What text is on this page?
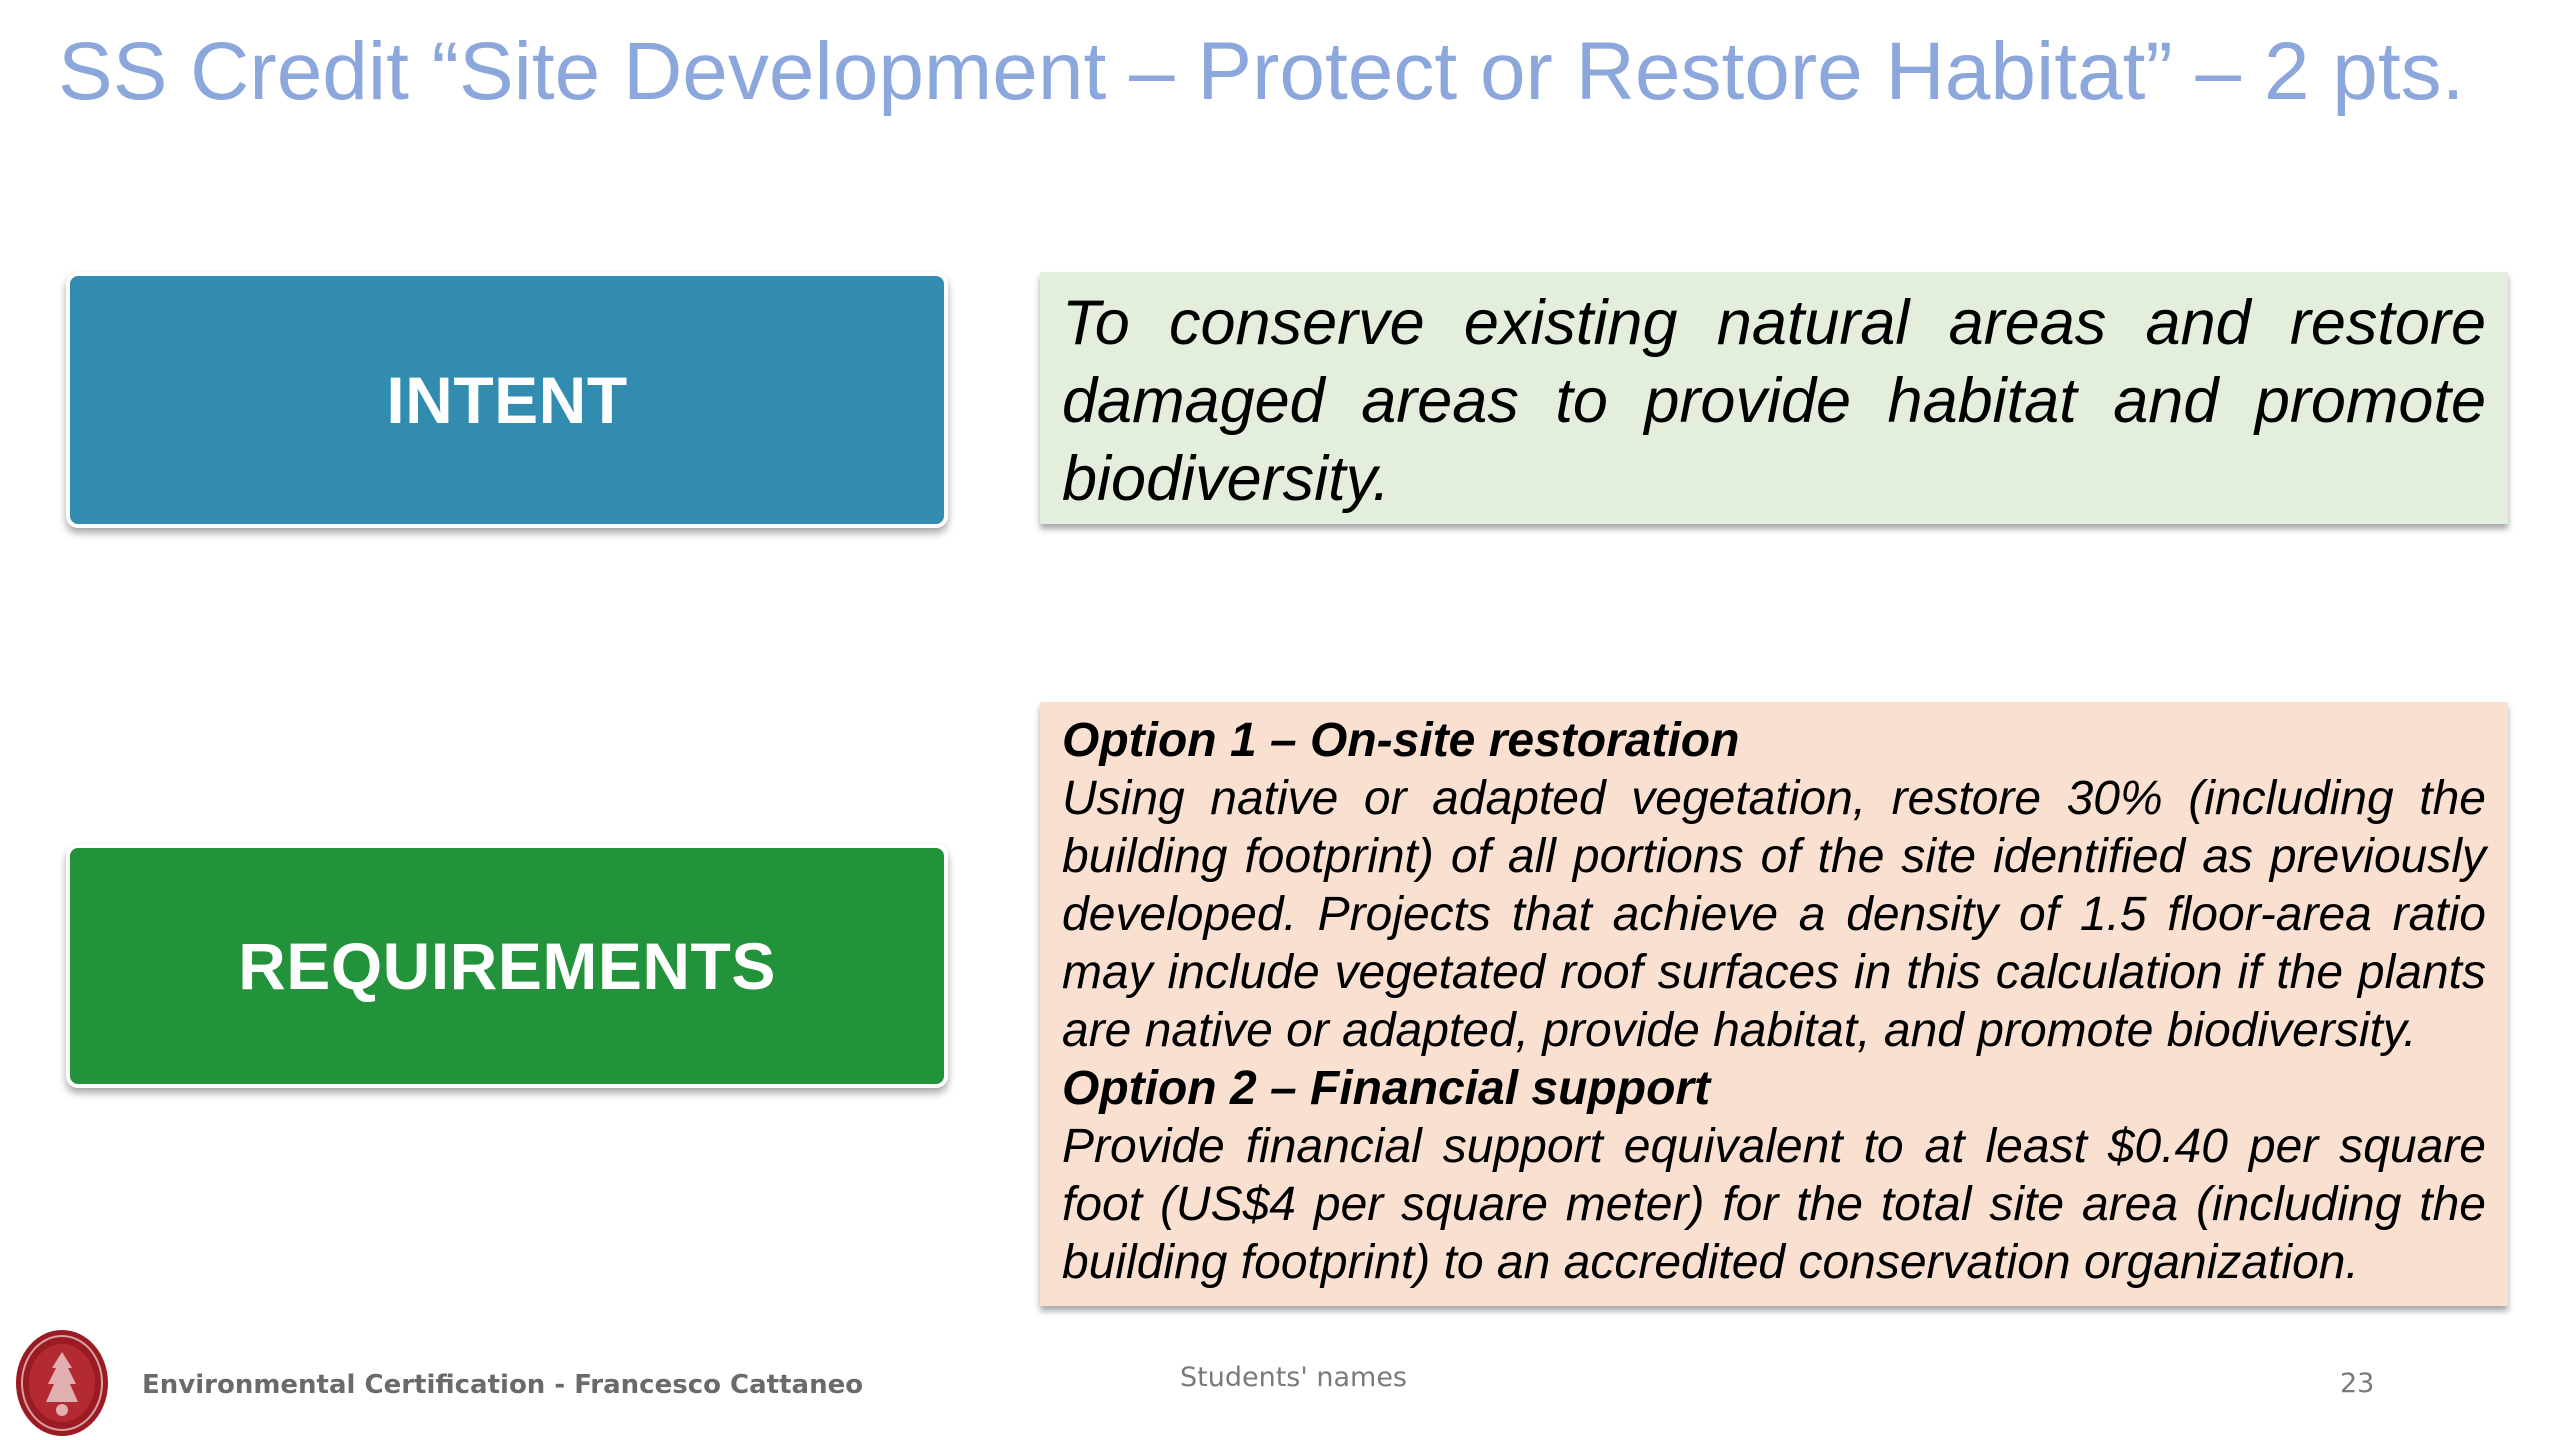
SS Credit “Site Development – Protect or Restore Habitat” – 2 pts.
INTENT
To conserve existing natural areas and restore damaged areas to provide habitat and promote biodiversity.
REQUIREMENTS
Option 1 – On-site restoration
Using native or adapted vegetation, restore 30% (including the building footprint) of all portions of the site identified as previously developed. Projects that achieve a density of 1.5 floor-area ratio may include vegetated roof surfaces in this calculation if the plants are native or adapted, provide habitat, and promote biodiversity.
Option 2 – Financial support
Provide financial support equivalent to at least $0.40 per square foot (US$4 per square meter) for the total site area (including the building footprint) to an accredited conservation organization.
Environmental Certification - Francesco Cattaneo	Students' names	23
